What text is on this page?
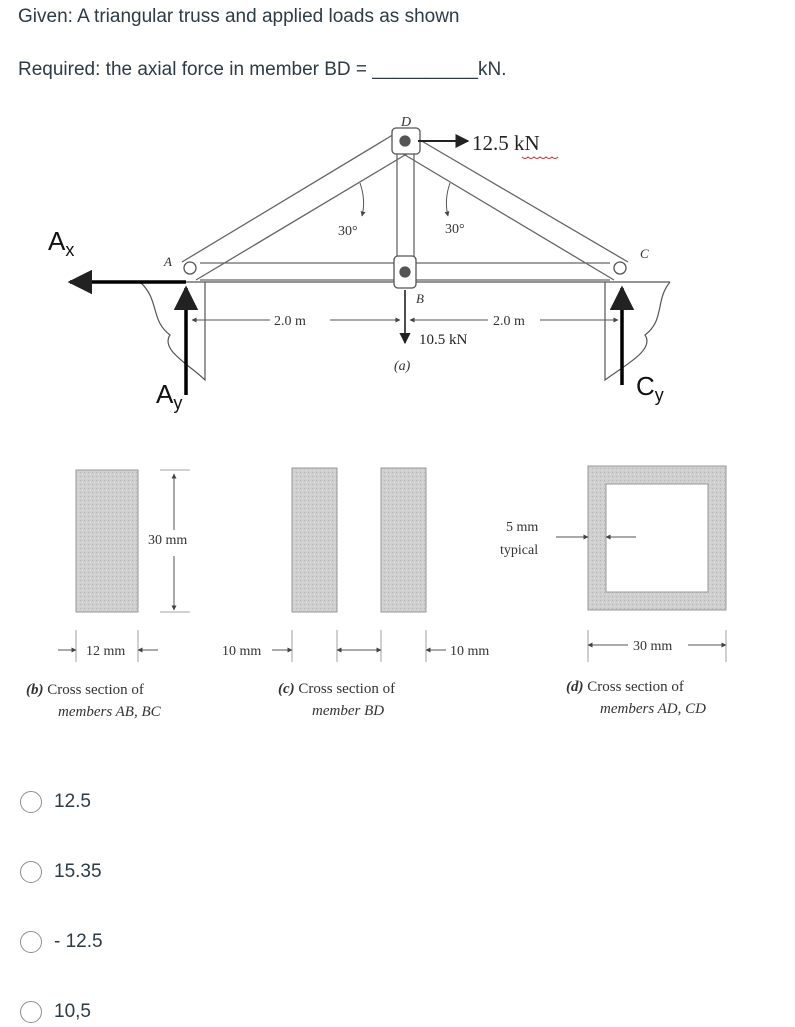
Given: A triangular truss and applied loads as shown
Required: the axial force in member BD = __________kN.
D
A
B
C
12.5 kN
10.5 kN
30°	30°
2.0 m	2.0 m
(a)
$A_x$
$A_y$
$C_y$
30 mm
12 mm
(b) Cross section of
members AB, BC
10 mm	10 mm
(c) Cross section of
member BD
5 mm
typical
30 mm
(d) Cross section of
members AD, CD
12.5
15.35
- 12.5
10,5
